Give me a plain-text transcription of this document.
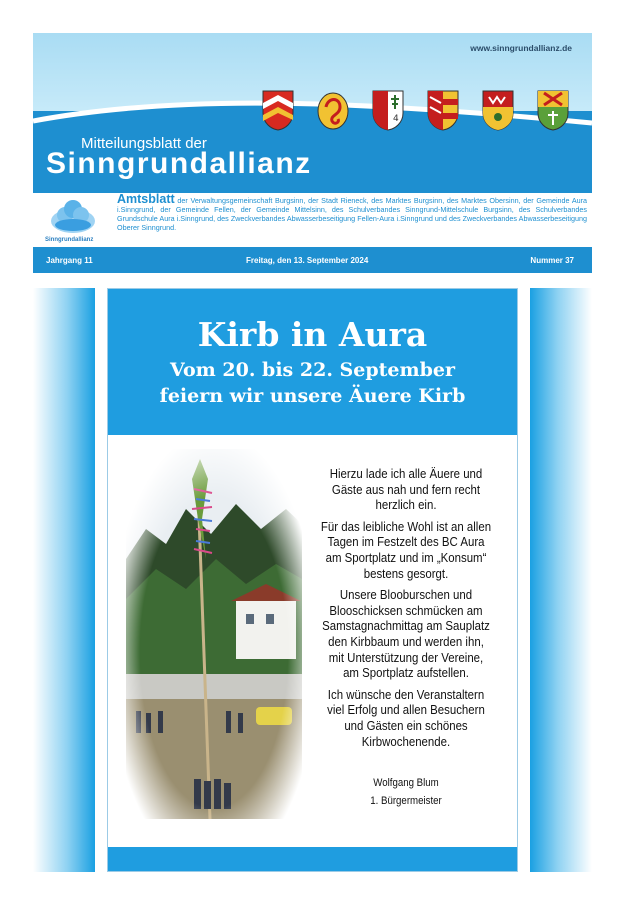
www.sinngrundallianz.de
4
Mitteilungsblatt der
Sinngrundallianz
Sinngrundallianz
Amtsblatt der Verwaltungsgemeinschaft Burgsinn, der Stadt Rieneck, des Marktes Burgsinn, des Marktes Obersinn, der Gemeinde Aura i.Sinngrund, der Gemeinde Fellen, der Gemeinde Mittelsinn, des Schulverbandes Sinngrund-Mittelschule Burgsinn, des Schulverbandes Grundschule Aura i.Sinngrund, des Zweckverbandes Abwasserbeseitigung Fellen-Aura i.Sinngrund und des Zweckverbandes Abwasserbeseitigung Oberer Sinngrund.
Jahrgang 11	Freitag, den 13. September 2024	Nummer 37
Kirb in Aura
Vom 20. bis 22. September
feiern wir unsere Äuere Kirb

Hierzu lade ich alle Äuere und Gäste aus nah und fern recht herzlich ein.

Für das leibliche Wohl ist an allen Tagen im Festzelt des BC Aura am Sportplatz und im „Konsum“ bestens gesorgt.

Unsere Blooburschen und Blooschicksen schmücken am Samstagnachmittag am Sauplatz den Kirbbaum und werden ihn, mit Unterstützung der Vereine, am Sportplatz aufstellen.

Ich wünsche den Veranstaltern viel Erfolg und allen Besuchern und Gästen ein schönes Kirbwochenende.

Wolfgang Blum
1. Bürgermeister
